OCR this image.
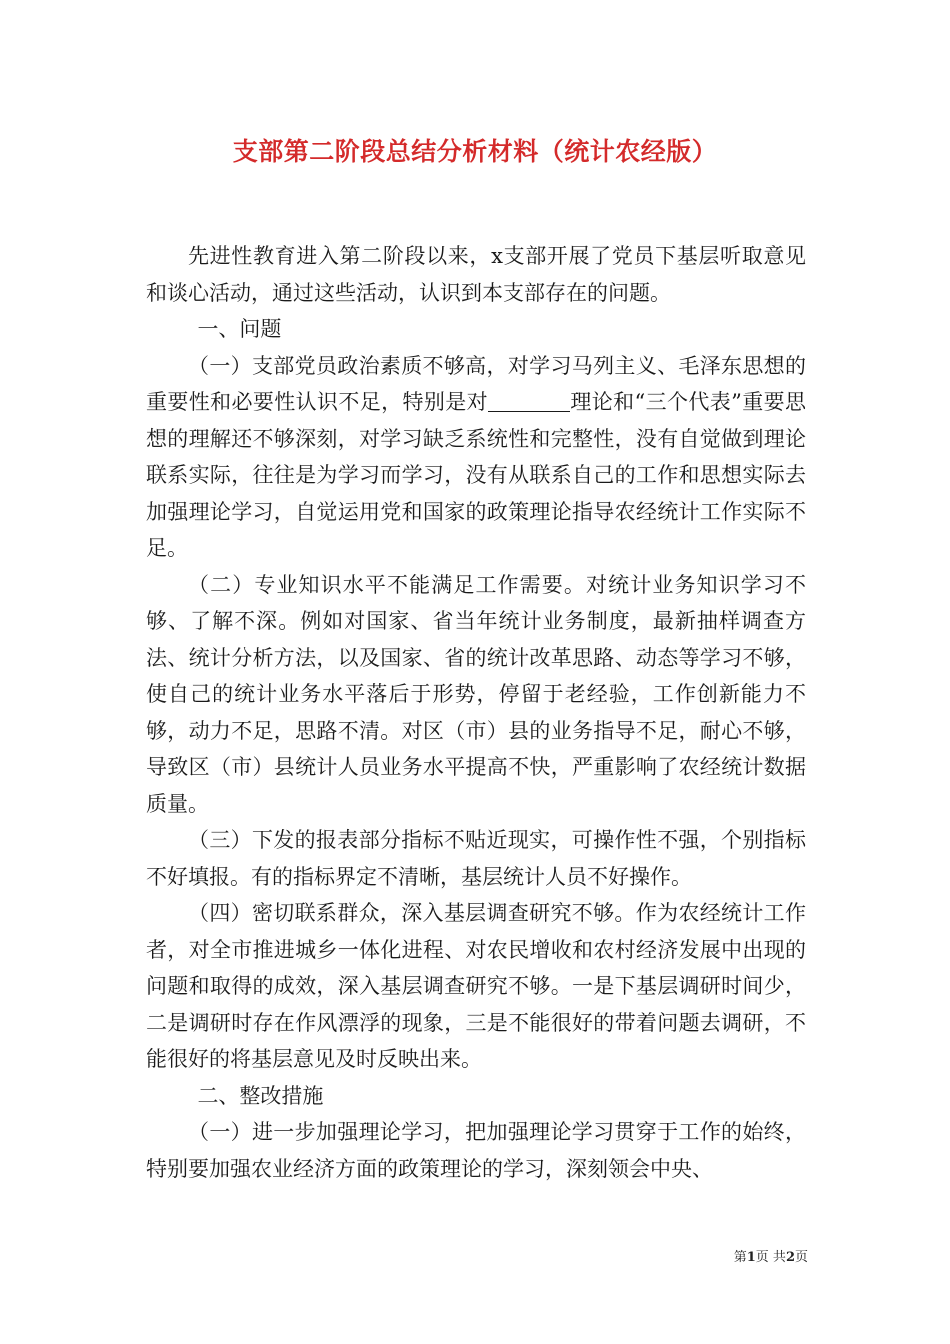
支部第二阶段总结分析材料（统计农经版）

先进性教育进入第二阶段以来，x支部开展了党员下基层听取意见和谈心活动，通过这些活动，认识到本支部存在的问题。

一、问题

（一）支部党员政治素质不够高，对学习马列主义、毛泽东思想的重要性和必要性认识不足，特别是对	理论和“三个代表”重要思想的理解还不够深刻，对学习缺乏系统性和完整性，没有自觉做到理论联系实际，往往是为学习而学习，没有从联系自己的工作和思想实际去加强理论学习，自觉运用党和国家的政策理论指导农经统计工作实际不足。

（二）专业知识水平不能满足工作需要。对统计业务知识学习不够、了解不深。例如对国家、省当年统计业务制度，最新抽样调查方法、统计分析方法，以及国家、省的统计改革思路、动态等学习不够，使自己的统计业务水平落后于形势，停留于老经验，工作创新能力不够，动力不足，思路不清。对区（市）县的业务指导不足，耐心不够，导致区（市）县统计人员业务水平提高不快，严重影响了农经统计数据质量。

（三）下发的报表部分指标不贴近现实，可操作性不强，个别指标不好填报。有的指标界定不清晰，基层统计人员不好操作。

（四）密切联系群众，深入基层调查研究不够。作为农经统计工作者，对全市推进城乡一体化进程、对农民增收和农村经济发展中出现的问题和取得的成效，深入基层调查研究不够。一是下基层调研时间少，二是调研时存在作风漂浮的现象，三是不能很好的带着问题去调研，不能很好的将基层意见及时反映出来。

二、整改措施

（一）进一步加强理论学习，把加强理论学习贯穿于工作的始终，特别要加强农业经济方面的政策理论的学习，深刻领会中央、

第1页 共2页
